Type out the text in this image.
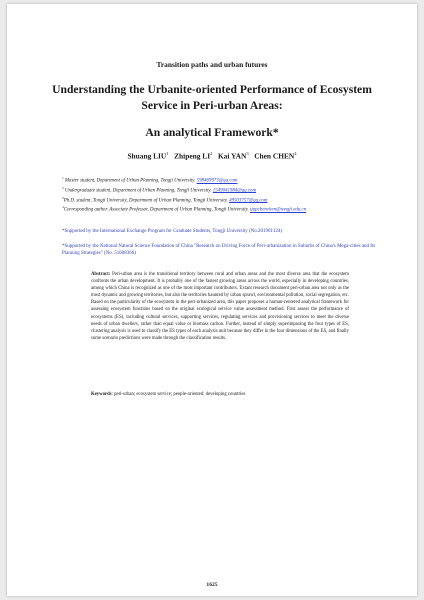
Transition paths and urban futures
Understanding the Urbanite-oriented Performance of Ecosystem Service in Peri-urban Areas:
An analytical Framework*
Shuang LIU$^1$ Zhipeng $LI^2$ Kai YAN$^3$ Chen CHEN$^4$
$^1$ Master student, Department of Urban Planning, Tongji University. 598469973@qq.com
$^2$ Undergraduate student, Department of Urban Planning, Tongji University. 1549041984@qq.com
$^3$Ph.D. student, Tongji University, Department of Urban Planning, Tongji University. 49503757@qq.com
$^4$Corresponding author. Associate Professor, Department of Urban Planning, Tongji University. tjupchenchen@tongji.edu.cn
*Supported by the International Exchange Program for Graduate Students, Tongji University (No.201901124)
*Supported by the National Natural Science Foundation of China "Research on Driving Force of Peri-urbanization in Suburbs of China's Mega-cities and Its Planning Strategies" (No. 51608366)
Abstract: Peri-urban area is the transitional territory between rural and urban areas and the most diverse area that the ecosystem confronts the urban development. It is probably one of the fastest growing areas across the world, especially in developing countries, among which China is recognized as one of the most important contributors. Extant research document peri-urban area not only as the most dynamic and growing territories, but also the territories haunted by urban sprawl, environmental pollution, social segregation, etc. Based on the particularity of the ecosystem in the peri-urbanized area, this paper proposes a human-centered analytical framework for assessing ecosystem functions based on the original ecological service value assessment method. First assess the performance of ecosystems (ES), including cultural services, supporting services, regulating services and provisioning services to meet the diverse needs of urban dwellers, rather than equal value or biomass carbon. Further, instead of simply superimposing the four types of ES, clustering analysis is used to classify the ES types of each analysis unit because they differ in the four dimensions of the ES, and finally some scenario predictions were made through the classification results.
Keywords: peri-urban; ecosystem service; people-oriented; developing countries
1625
